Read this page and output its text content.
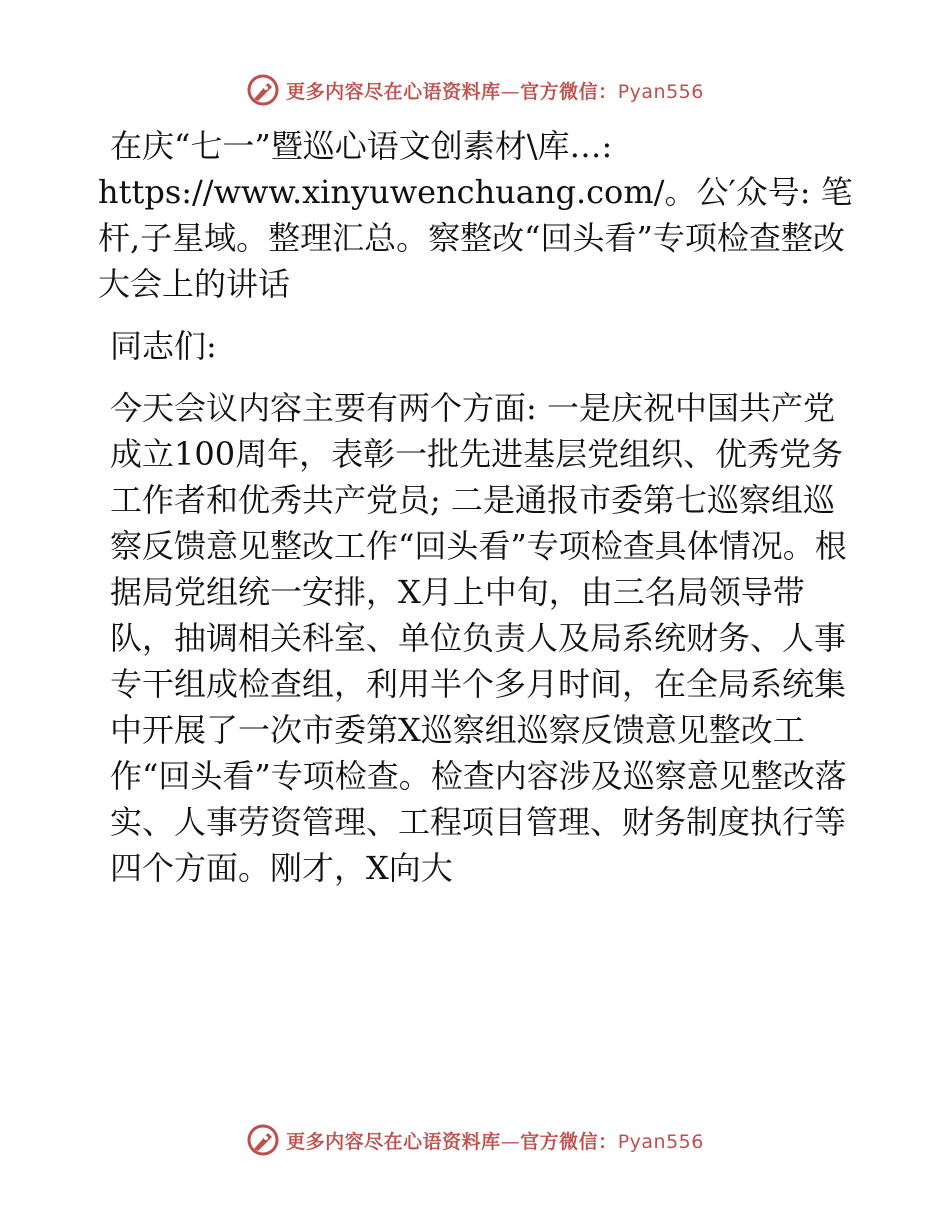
更多内容尽在心语资料库—官方微信：Pyan556

在庆“七一”暨巡心语文创素材\库…:
https://www.xinyuwenchuang.com/。公′众号: 笔杆,子星域。整理汇总。察整改“回头看”专项检查整改大会上的讲话

同志们:

今天会议内容主要有两个方面: 一是庆祝中国共产党成立100周年，表彰一批先进基层党组织、优秀党务工作者和优秀共产党员; 二是通报市委第七巡察组巡察反馈意见整改工作“回头看”专项检查具体情况。根据局党组统一安排，X月上中旬，由三名局领导带队，抽调相关科室、单位负责人及局系统财务、人事专干组成检查组，利用半个多月时间，在全局系统集中开展了一次市委第X巡察组巡察反馈意见整改工作“回头看”专项检查。检查内容涉及巡察意见整改落实、人事劳资管理、工程项目管理、财务制度执行等四个方面。刚才，X向大

更多内容尽在心语资料库—官方微信：Pyan556
